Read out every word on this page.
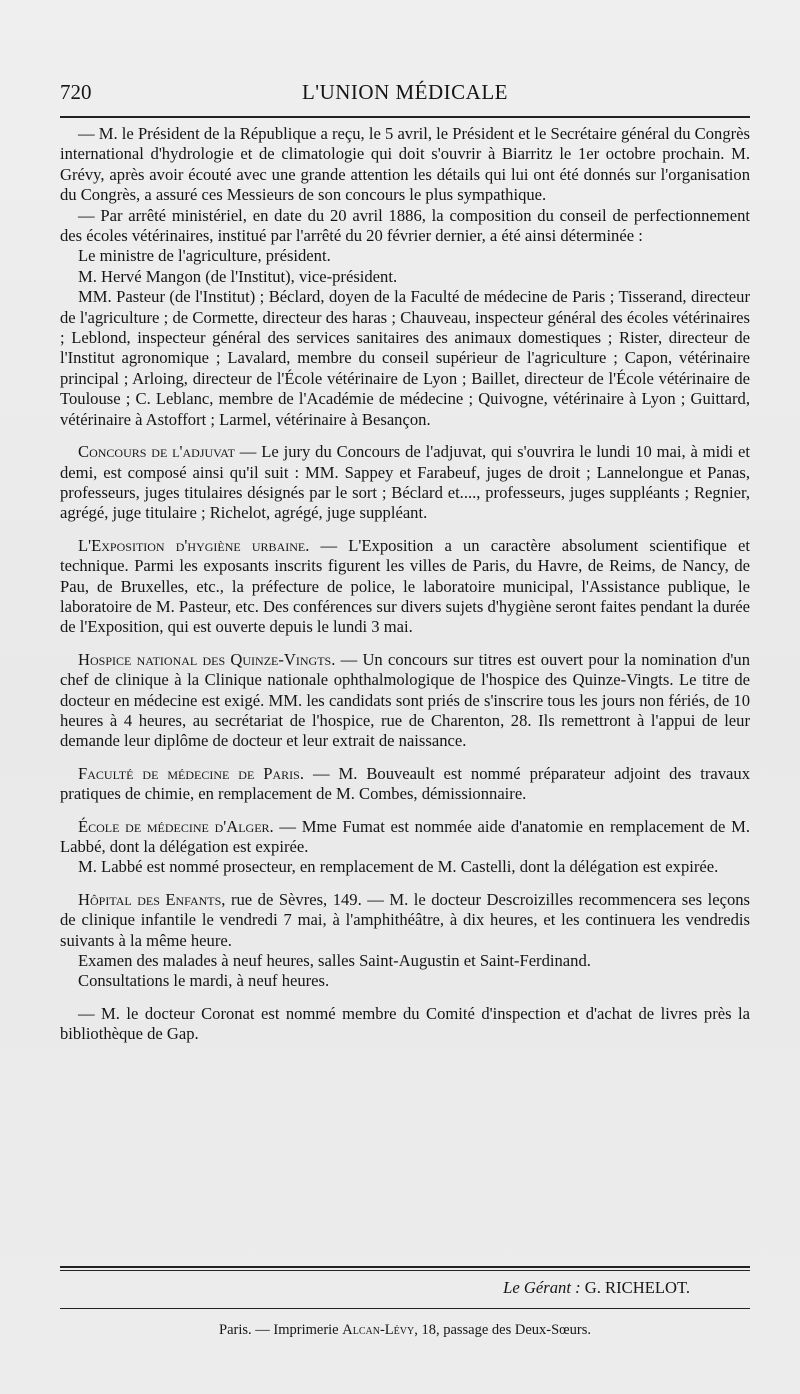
720	L'UNION MÉDICALE

— M. le Président de la République a reçu, le 5 avril, le Président et le Secrétaire général du Congrès international d'hydrologie et de climatologie qui doit s'ouvrir à Biarritz le 1er octobre prochain. M. Grévy, après avoir écouté avec une grande attention les détails qui lui ont été donnés sur l'organisation du Congrès, a assuré ces Messieurs de son concours le plus sympathique.

— Par arrêté ministériel, en date du 20 avril 1886, la composition du conseil de perfectionnement des écoles vétérinaires, institué par l'arrêté du 20 février dernier, a été ainsi déterminée :

Le ministre de l'agriculture, président.

M. Hervé Mangon (de l'Institut), vice-président.

MM. Pasteur (de l'Institut) ; Béclard, doyen de la Faculté de médecine de Paris ; Tisserand, directeur de l'agriculture ; de Cormette, directeur des haras ; Chauveau, inspecteur général des écoles vétérinaires ; Leblond, inspecteur général des services sanitaires des animaux domestiques ; Rister, directeur de l'Institut agronomique ; Lavalard, membre du conseil supérieur de l'agriculture ; Capon, vétérinaire principal ; Arloing, directeur de l'École vétérinaire de Lyon ; Baillet, directeur de l'École vétérinaire de Toulouse ; C. Leblanc, membre de l'Académie de médecine ; Quivogne, vétérinaire à Lyon ; Guittard, vétérinaire à Astoffort ; Larmel, vétérinaire à Besançon.

Concours de l'adjuvat — Le jury du Concours de l'adjuvat, qui s'ouvrira le lundi 10 mai, à midi et demi, est composé ainsi qu'il suit : MM. Sappey et Farabeuf, juges de droit ; Lannelongue et Panas, professeurs, juges titulaires désignés par le sort ; Béclard et...., professeurs, juges suppléants ; Regnier, agrégé, juge titulaire ; Richelot, agrégé, juge suppléant.

L'Exposition d'hygiène urbaine. — L'Exposition a un caractère absolument scientifique et technique. Parmi les exposants inscrits figurent les villes de Paris, du Havre, de Reims, de Nancy, de Pau, de Bruxelles, etc., la préfecture de police, le laboratoire municipal, l'Assistance publique, le laboratoire de M. Pasteur, etc. Des conférences sur divers sujets d'hygiène seront faites pendant la durée de l'Exposition, qui est ouverte depuis le lundi 3 mai.

Hospice national des Quinze-Vingts. — Un concours sur titres est ouvert pour la nomination d'un chef de clinique à la Clinique nationale ophthalmologique de l'hospice des Quinze-Vingts. Le titre de docteur en médecine est exigé. MM. les candidats sont priés de s'inscrire tous les jours non fériés, de 10 heures à 4 heures, au secrétariat de l'hospice, rue de Charenton, 28. Ils remettront à l'appui de leur demande leur diplôme de docteur et leur extrait de naissance.

Faculté de médecine de Paris. — M. Bouveault est nommé préparateur adjoint des travaux pratiques de chimie, en remplacement de M. Combes, démissionnaire.

École de médecine d'Alger. — Mme Fumat est nommée aide d'anatomie en remplacement de M. Labbé, dont la délégation est expirée.

M. Labbé est nommé prosecteur, en remplacement de M. Castelli, dont la délégation est expirée.

Hôpital des Enfants, rue de Sèvres, 149. — M. le docteur Descroizilles recommencera ses leçons de clinique infantile le vendredi 7 mai, à l'amphithéâtre, à dix heures, et les continuera les vendredis suivants à la même heure.

Examen des malades à neuf heures, salles Saint-Augustin et Saint-Ferdinand.

Consultations le mardi, à neuf heures.

— M. le docteur Coronat est nommé membre du Comité d'inspection et d'achat de livres près la bibliothèque de Gap.

Le Gérant : G. RICHELOT.
Paris. — Imprimerie Alcan-Lévy, 18, passage des Deux-Sœurs.
